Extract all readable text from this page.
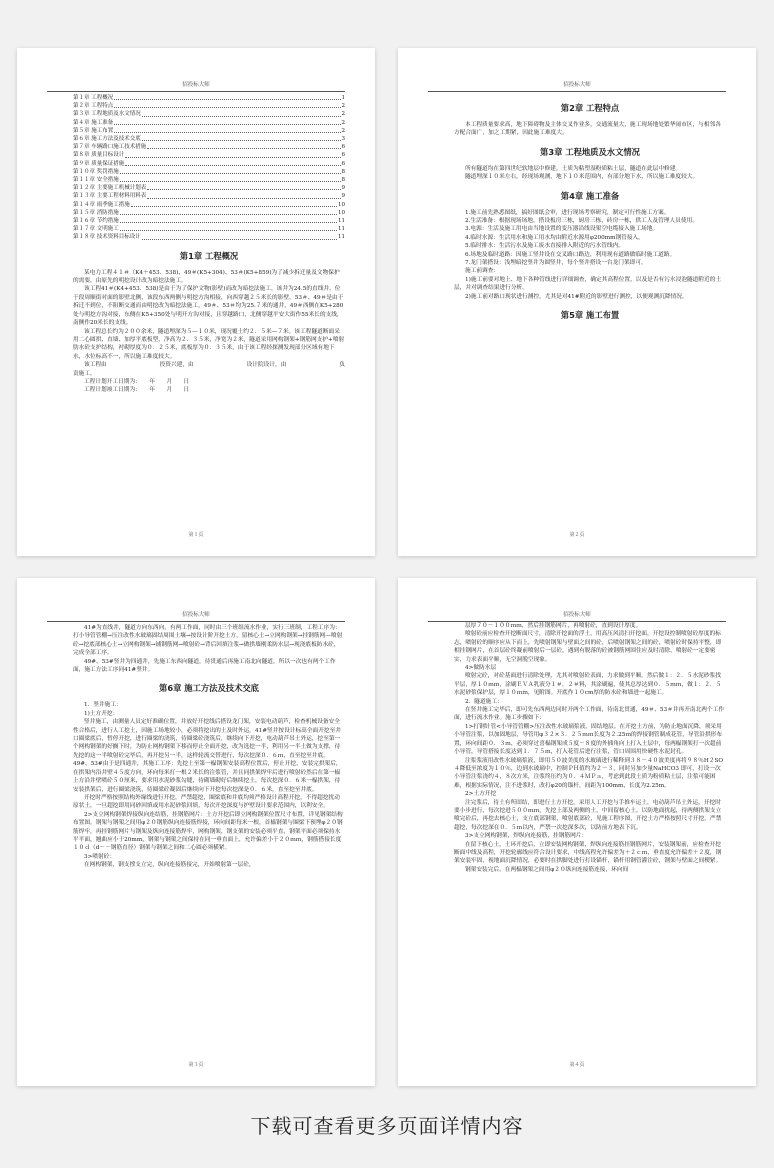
招投标大师
第１章 工程概况	1
第２章 工程特点	2
第３章 工程地质及水文情况	2
第４章 施工准备	2
第５章 施工布置	2
第６章 施工方法及技术交底	3
第７章 车辆路口施工技术措施	6
第８章 质量目标设计	6
第９章 质量保证措施	6
第１０章 奖罚措施	8
第１１章 安全措施	8
第１２章 主要施工机械计划表	9
第１３章 主要工程材料用料表	9
第１４章 雨季施工措施	10
第１５章 消防措施	10
第１６章 节约措施	11
第１７章 文明施工	11
第１８章 技术资料目标设计	11
第1章 工程概况

某电力工程４１＃（K4＋453．538)、49＃(K5+304)、53＃(K5+859)为了减少拆迁量及文物保护的需要，由原先的明挖设计改为暗挖法施工。

该工程41＃(K4+453．538)是由于为了保护文物(影壁)而改为暗挖法施工，该井为24.5的直线井，位于段周顺街对面的影壁北侧，该段东西两侧与明挖方沟相接，向西穿越２５米长的影壁。53＃、49＃是由于拆迁不到位，不阻断交通而由明挖改为暗挖法施工，49＃、53＃均为25.７米的通井，49＃西侧在K5+280处与明挖方沟对接，东侧在K5+350处与明开方沟对接，且穿越路口，北侧穿越平安大街作55米长的支线，南侧作20米长的支线。

该工程总长约为２００余米，隧道埋深为５—１０米，现况覆土约２．５米—７米。该工程隧道断面采用二心圆拱、直墙、加厚平底板型，净高为２．３５米，净宽为２米，隧道采用网构钢架+钢筋网支护+喷射肋水砼支护结构，衬砌厚度为０．２５米，底板厚为０．３５米，由于该工程经探测发现部分区域有地下水，水位标高不一，所以施工难度较大。

该工程由	投资兴建，由	设计院设计，由	负

责施工。

工程计划开工日期为：　　年　　月　　日

工程计划竣工日期为：　　年　　月　　日

第１页
招投标大师
第2章 工程特点

本工程质量要求高，地下障碍物及主体交叉作业多，交通流量大，施工现场地处繁华闹市区，与相邻各方配合面广，加之工期紧，因此施工难度大。

第3章 工程地质及水文情况

所有隧道均在第四世纪软地层中修建，土质为粘塑湿粉质粘土层，隧道在此层中修建。

隧道埋深１０米左右，经现场观测，地下１０米范围内，有部分地下水，所以施工难度较大。

第4章 施工准备

1.施工前先熟悉图纸，搞好图纸会审，进行现场考察研究，制定可行性施工方案。

2.生活准备：根据现场场地，搭设板房三栋，厨房三栋，砖房一栋，供工人及管理人员使用。

3.电源：生活及施工用电由当地设置的变压器沿线设架空电缆接入施工场地。

4.临时水源：生活用水和施工用水均由附近水源用φ200mm钢管接入。

5.临时排水：生活污水及施工废水直接排入附近的污水管线内。

6.场地及临时道路：因施工竖井设在交叉路口路边，利用现有道路做临时施工道路。

7.龙门架搭设：浅埋暗挖竖井为圆竖井，每个竖井搭设一台龙门架即可。

施工前调查：

1)施工前要对地上、地下各种管线进行详细调查，确定其高程位置，以及是否有污水浸泡隧道附近的土层，并对调查结果进行分析。

2)施工前对路口现状进行测控，尤其是对41#附近的影壁进行测控，以便观测沉降情况。

第5章 施工布置
第２页
招投标大师

41#为直线井，隧道方向东西向，有两工作面，同时由三个班组流水作业，实行三班制，工程工序为：打小导管管棚→压注改性水玻璃固结周围土壤→按设计阶开挖土方，留核心土→立网构钢架→挂钢筋网—喷射砼→挖底部核心土→立网构钢架→铺钢筋网→喷射砼→背后回填注浆→做拱墙刚柔防水层→现浇底板防水砼，完成全部工序。

49#、53#竖井为四通井，先施工东西向隧道，待贯通后再施工南北向隧道，所以一次也有两个工作面，施工方法工序同41#竖井。

第6章 施工方法及技术交底

1．竖井施工：

1)土方开挖：

竖井施工，由测量人员定好准确位置，并放好开挖线后搭设龙门架，安装电动葫芦，检查机械设备安全性合格后，进行人工挖土，因施工场地较小，必须将挖出的土及时外运。41#竖井按设计标高全面开挖至井口圈梁底后，暂停开挖，进行圈梁的浇筑，待圈梁砼浇筑后，继续向下开挖，电动葫芦吊土外运，挖至第一个网构钢架的好搁下时，为防止网构钢架下移而停止全面开挖，改为选挖一半，利用另一半土做为支撑，待先挖的这一半喷射砼完毕后，再开挖另一半，这样轮流交替进行，每次挖深０．６ｍ，直至挖至井底。49#、53#由于是四通井，其施工工序：先挖土至第一榀钢架安装高程位置后，停止开挖，安装完拱架后，在拱架内沿井壁４５度方向，环向每米打一根２米长的注浆管，并且同拱架焊牢后进行喷射砼然后在第一榀上方沿井壁喷砼５０厘米，要求用水泥砂浆勾缝，待砌墙砌好后继续挖土，每次挖深０．６米一榀拱架，待安装拱架后，进行圈梁浇筑，待圈梁砼凝固后继续向下开挖每次挖深是０．６米，直至挖至井底。

开挖时严格按照结构外缘线进行开挖，严禁超挖，圈梁底和井底均须严格设计高程开挖，不得超挖扰动原状土，一旦超挖即用同砂回填或用水泥砂浆回填，每次开挖深度与护壁设计要求范围内，以利安全。

2>支立网构钢架焊接纵向连结筋，挂钢筋网片：土方开挖后即立网构钢架位置尺寸布置，详见钢架结构布置图。钢架与钢架之间用φ２０钢筋纵向连接筋焊接，环向间距每米一根，首榀钢架与圈梁下预埋φ２０钢筋焊牢，再挂钢筋网片与钢架及纵向连接筋焊牢，网构钢架，钢支架的安装必须平直，钢架平面必须保持水平平面，翘曲应小于20mm，钢架与钢架之间保持在同一垂直面上，允许偏差小于２０ｍｍ，钢筋搭接长度１０ｄ（d－－钢筋直径）钢架与钢架之间和二心圆必须横紧。

3>喷射砼：

在网构钢架，钢支撑支立完，纵向连接筋接完，开始喷射第一层砼，

第３页
招投标大师

层厚７０－１００ｍｍ，然后挂钢筋网片，再喷射砼，直到设计厚度。

喷射砼前应检查开挖断面尺寸，清除开挖面的浮土，用高压风清扫开挖面，开挖设控制喷射砼厚度的标志，喷射砼的顺序应从下而上，先喷射钢架与壁面之间的砼，后喷射钢架之间的砼，喷射砼时保持平整，即相挂钢网片，在首层砼终凝前喷射后一层砼，遇到有脱落的砼被钢筋网围住应及时清除，喷射砼一定要密实，力求表面平顺，无空洞脱空现象。

4>做防水层

喷射完砼，对砼基面进行清除处理，尤其对喷射砼表面，力求做到平顺。然后做１：２．５水泥砂浆找平层，厚１０ｍｍ，涂刷ＥＶＡ乳液分１＃，２＃料，其涂刷遍，使其总厚达到０．５ｍｍ，做１：２．５水泥砂浆保护层，厚１０ｍｍ，见附图。开底作１０cm厚的防水砼和墙进一起施工。

2．隧道施工：

在竖井施工完毕后，即可先东西两边同时开两个工作面，待南北贯通，49＃、53＃井再开南北两个工作面，进行流水作业。施工步骤如下：

1>打钢针管<小导管管棚>压注改性水玻璃浆液，固结地层。在开挖土方前，为防止地面沉降，须采用小导管注浆，以加固地层，导管用φ３２×３．２５ｍｍ长度为２.25ｍ的焊接钢管制成花管，导管沿拱形布置，环向间距０．３ｍ，必须穿过喜榀钢架成５度－８度的外插角向上打入土层中，每两榀钢架打一次超前小导管，导管搭接长度达到１．７５ｍ，打入花管后进行注浆，管口周围用快硬性水泥封孔。

注浆浆液用改性水玻璃浆液，即用５０波美度的水玻璃进行稀释到３８－４０波美度再将９８％H２SO４降低至浓度为１０％，边到水玻璃中，控制ＰＨ值约为２－３，同时另加少量NaHCO3 即可，打设一次小导管注浆浇约４，８次方米，注浆终压约为０．４ＭＰａ，考虑到此段土质为粉质粘土层，注浆可能困难，根据实际情况，注不进浆时，改打φ20的锚杆，间距为100mm，长度为2.25m。

2>土方开挖

注完浆后，待土有所固结，即进行土方开挖，采用人工开挖与手推车运土，电动葫芦吊土外运，开挖时要小步进行，每次挖进５００ｍｍ，先挖上部及两侧的土，中间留核心土，以防地面扰起，待两侧拱架支立喷完砼后，再挖去核心土，支立底部钢架，喷射底部砼，见施工程序图，开挖土方严格按照尺寸开挖，严禁超挖，每次挖深在０．５ｍ以内，严禁一次挖深多次，以防前方地表下沉。

3>支立网构钢架，焊纵向连接筋，挂钢筋网片：

在留下核心土，土环开挖后，立即安装网构钢架，焊纵向连接筋挂钢筋网片，安装钢架前，应检查开挖断面中线及高程，开挖轮廓线应符合设计要求，中线高程允许偏差为＋２ｃｍ，垂直度允许偏差＋２度，钢架安装牢固，视地面沉降情况，必要时在拱脚处进行打设锚杆，锚杆用钢管灌注砼，钢架与壁面之间楔紧。

钢架安装完后，在两榀钢架之间用φ２０纵向连接筋连接，环向间

第４页
下载可查看更多页面详情内容
